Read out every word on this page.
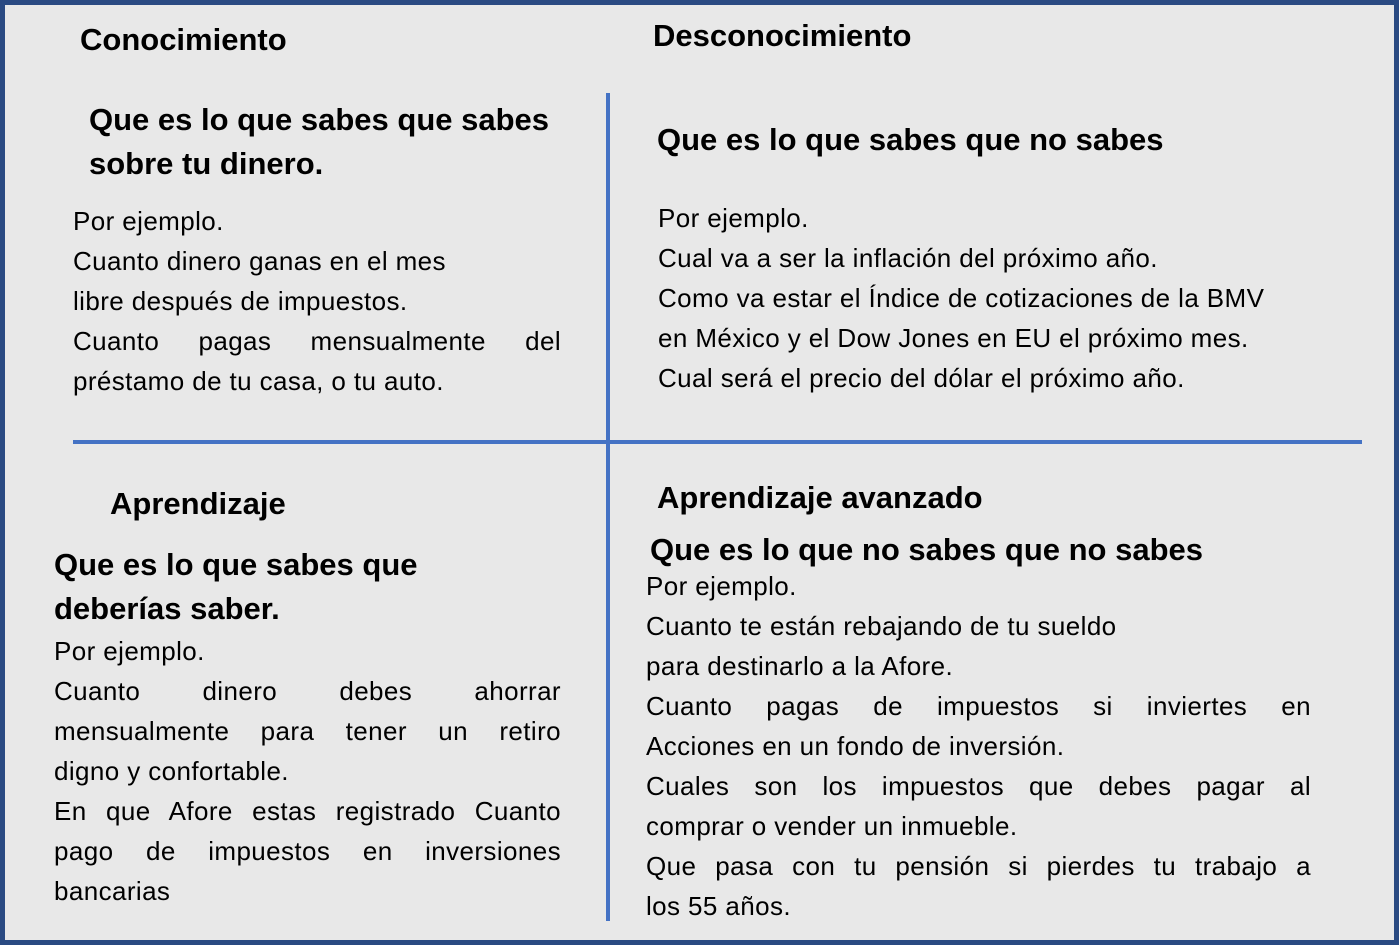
Conocimiento
Que es lo que sabes que sabes sobre tu dinero.
Por ejemplo.
Cuanto dinero ganas en el mes
libre después de impuestos.
Cuanto pagas mensualmente del
préstamo de tu casa, o tu auto.
Desconocimiento
Que es lo que sabes que no sabes
Por ejemplo.
Cual va a ser la inflación del próximo año.
Como va estar el Índice de cotizaciones de la BMV
en México y el Dow Jones en EU el próximo mes.
Cual será el precio del dólar el próximo año.
Aprendizaje
Que es lo que sabes que deberías saber.
Por ejemplo.
Cuanto dinero debes ahorrar
mensualmente para tener un retiro
digno y confortable.
En que Afore estas registrado Cuanto
pago de impuestos en inversiones
bancarias
Aprendizaje avanzado
Que es lo que no sabes que no sabes
Por ejemplo.
Cuanto te están rebajando de tu sueldo
para destinarlo a la Afore.
Cuanto pagas de impuestos si inviertes en
Acciones en un fondo de inversión.
Cuales son los impuestos que debes pagar al
comprar o vender un inmueble.
Que pasa con tu pensión si pierdes tu trabajo a
los 55 años.
